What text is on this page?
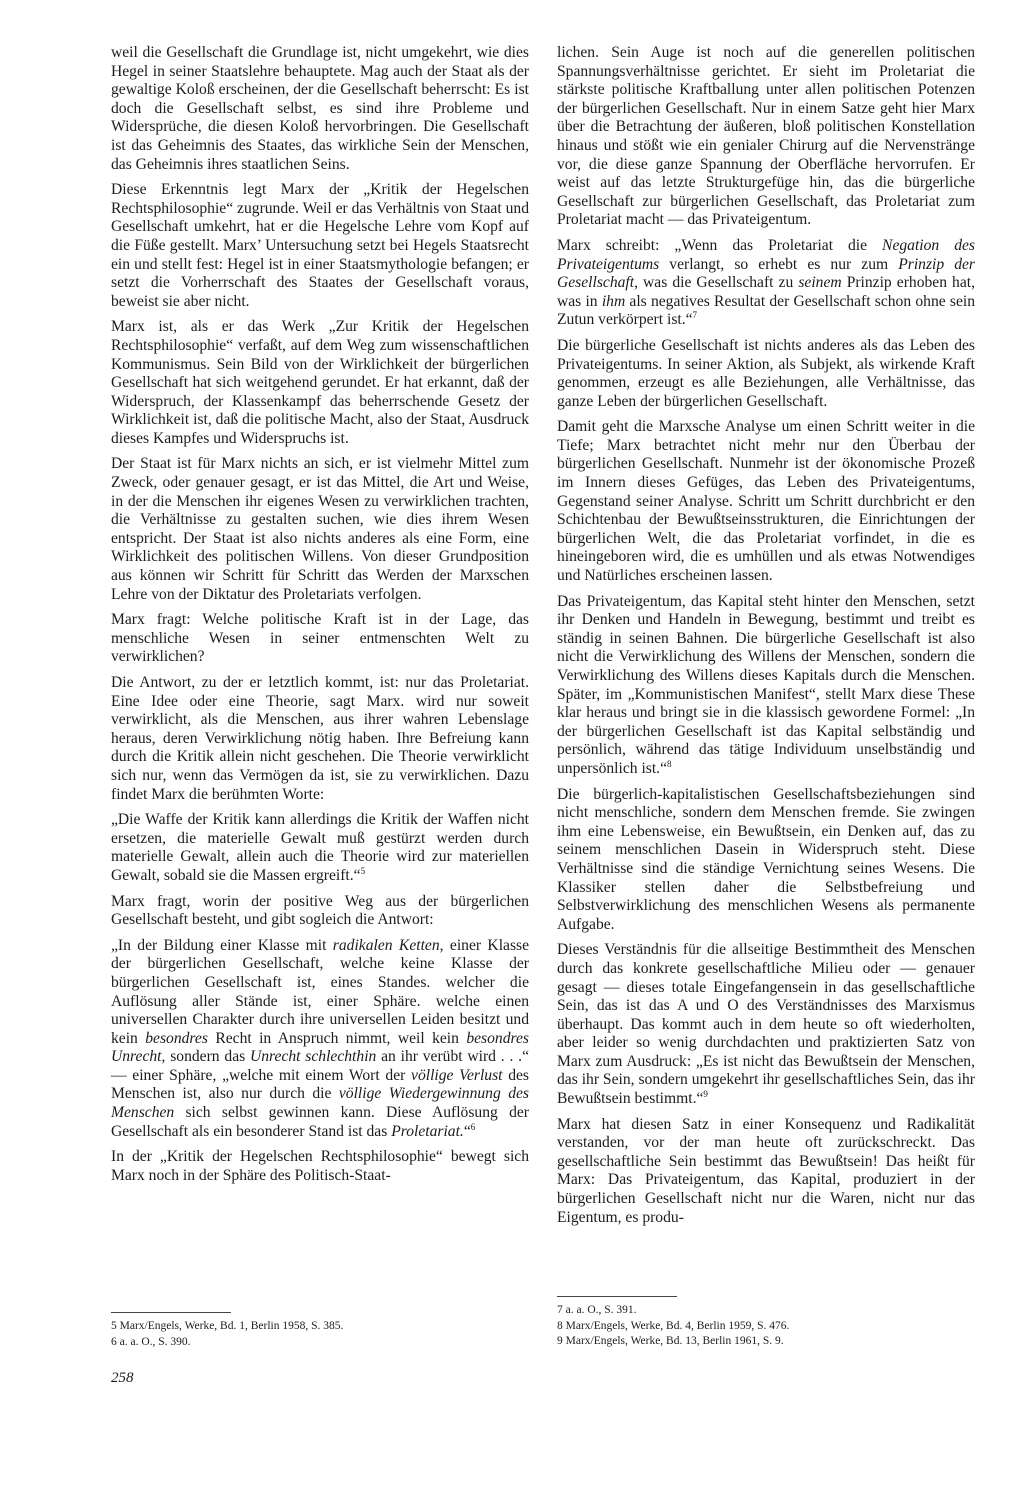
weil die Gesellschaft die Grundlage ist, nicht umgekehrt, wie dies Hegel in seiner Staatslehre behauptete. Mag auch der Staat als der gewaltige Koloß erscheinen, der die Gesellschaft beherrscht: Es ist doch die Gesellschaft selbst, es sind ihre Probleme und Widersprüche, die diesen Koloß hervorbringen. Die Gesellschaft ist das Geheimnis des Staates, das wirkliche Sein der Menschen, das Geheimnis ihres staatlichen Seins.

Diese Erkenntnis legt Marx der „Kritik der Hegelschen Rechtsphilosophie“ zugrunde. Weil er das Verhältnis von Staat und Gesellschaft umkehrt, hat er die Hegelsche Lehre vom Kopf auf die Füße gestellt. Marx’ Untersuchung setzt bei Hegels Staatsrecht ein und stellt fest: Hegel ist in einer Staatsmythologie befangen; er setzt die Vorherrschaft des Staates der Gesellschaft voraus, beweist sie aber nicht.

Marx ist, als er das Werk „Zur Kritik der Hegelschen Rechtsphilosophie“ verfaßt, auf dem Weg zum wissenschaftlichen Kommunismus. Sein Bild von der Wirklichkeit der bürgerlichen Gesellschaft hat sich weitgehend gerundet. Er hat erkannt, daß der Widerspruch, der Klassenkampf das beherrschende Gesetz der Wirklichkeit ist, daß die politische Macht, also der Staat, Ausdruck dieses Kampfes und Widerspruchs ist.

Der Staat ist für Marx nichts an sich, er ist vielmehr Mittel zum Zweck, oder genauer gesagt, er ist das Mittel, die Art und Weise, in der die Menschen ihr eigenes Wesen zu verwirklichen trachten, die Verhältnisse zu gestalten suchen, wie dies ihrem Wesen entspricht. Der Staat ist also nichts anderes als eine Form, eine Wirklichkeit des politischen Willens. Von dieser Grundposition aus können wir Schritt für Schritt das Werden der Marxschen Lehre von der Diktatur des Proletariats verfolgen.

Marx fragt: Welche politische Kraft ist in der Lage, das menschliche Wesen in seiner entmenschten Welt zu verwirklichen?

Die Antwort, zu der er letztlich kommt, ist: nur das Proletariat. Eine Idee oder eine Theorie, sagt Marx. wird nur soweit verwirklicht, als die Menschen, aus ihrer wahren Lebenslage heraus, deren Verwirklichung nötig haben. Ihre Befreiung kann durch die Kritik allein nicht geschehen. Die Theorie verwirklicht sich nur, wenn das Vermögen da ist, sie zu verwirklichen. Dazu findet Marx die berühmten Worte:

„Die Waffe der Kritik kann allerdings die Kritik der Waffen nicht ersetzen, die materielle Gewalt muß gestürzt werden durch materielle Gewalt, allein auch die Theorie wird zur materiellen Gewalt, sobald sie die Massen ergreift.“$^5$

Marx fragt, worin der positive Weg aus der bürgerlichen Gesellschaft besteht, und gibt sogleich die Antwort:

„In der Bildung einer Klasse mit radikalen Ketten, einer Klasse der bürgerlichen Gesellschaft, welche keine Klasse der bürgerlichen Gesellschaft ist, eines Standes. welcher die Auflösung aller Stände ist, einer Sphäre. welche einen universellen Charakter durch ihre universellen Leiden besitzt und kein besondres Recht in Anspruch nimmt, weil kein besondres Unrecht, sondern das Unrecht schlechthin an ihr verübt wird . . .“ — einer Sphäre, „welche mit einem Wort der völlige Verlust des Menschen ist, also nur durch die völlige Wiedergewinnung des Menschen sich selbst gewinnen kann. Diese Auflösung der Gesellschaft als ein besonderer Stand ist das Proletariat.“$^6$

In der „Kritik der Hegelschen Rechtsphilosophie“ bewegt sich Marx noch in der Sphäre des Politisch-Staat-

lichen. Sein Auge ist noch auf die generellen politischen Spannungsverhältnisse gerichtet. Er sieht im Proletariat die stärkste politische Kraftballung unter allen politischen Potenzen der bürgerlichen Gesellschaft. Nur in einem Satze geht hier Marx über die Betrachtung der äußeren, bloß politischen Konstellation hinaus und stößt wie ein genialer Chirurg auf die Nervenstränge vor, die diese ganze Spannung der Oberfläche hervorrufen. Er weist auf das letzte Strukturgefüge hin, das die bürgerliche Gesellschaft zur bürgerlichen Gesellschaft, das Proletariat zum Proletariat macht — das Privateigentum.

Marx schreibt: „Wenn das Proletariat die Negation des Privateigentums verlangt, so erhebt es nur zum Prinzip der Gesellschaft, was die Gesellschaft zu seinem Prinzip erhoben hat, was in ihm als negatives Resultat der Gesellschaft schon ohne sein Zutun verkörpert ist.“$^7$

Die bürgerliche Gesellschaft ist nichts anderes als das Leben des Privateigentums. In seiner Aktion, als Subjekt, als wirkende Kraft genommen, erzeugt es alle Beziehungen, alle Verhältnisse, das ganze Leben der bürgerlichen Gesellschaft.

Damit geht die Marxsche Analyse um einen Schritt weiter in die Tiefe; Marx betrachtet nicht mehr nur den Überbau der bürgerlichen Gesellschaft. Nunmehr ist der ökonomische Prozeß im Innern dieses Gefüges, das Leben des Privateigentums, Gegenstand seiner Analyse. Schritt um Schritt durchbricht er den Schichtenbau der Bewußtseinsstrukturen, die Einrichtungen der bürgerlichen Welt, die das Proletariat vorfindet, in die es hineingeboren wird, die es umhüllen und als etwas Notwendiges und Natürliches erscheinen lassen.

Das Privateigentum, das Kapital steht hinter den Menschen, setzt ihr Denken und Handeln in Bewegung, bestimmt und treibt es ständig in seinen Bahnen. Die bürgerliche Gesellschaft ist also nicht die Verwirklichung des Willens der Menschen, sondern die Verwirklichung des Willens dieses Kapitals durch die Menschen. Später, im „Kommunistischen Manifest“, stellt Marx diese These klar heraus und bringt sie in die klassisch gewordene Formel: „In der bürgerlichen Gesellschaft ist das Kapital selbständig und persönlich, während das tätige Individuum unselbständig und unpersönlich ist.“$^8$

Die bürgerlich-kapitalistischen Gesellschaftsbeziehungen sind nicht menschliche, sondern dem Menschen fremde. Sie zwingen ihm eine Lebensweise, ein Bewußtsein, ein Denken auf, das zu seinem menschlichen Dasein in Widerspruch steht. Diese Verhältnisse sind die ständige Vernichtung seines Wesens. Die Klassiker stellen daher die Selbstbefreiung und Selbstverwirklichung des menschlichen Wesens als permanente Aufgabe.

Dieses Verständnis für die allseitige Bestimmtheit des Menschen durch das konkrete gesellschaftliche Milieu oder — genauer gesagt — dieses totale Eingefangensein in das gesellschaftliche Sein, das ist das A und O des Verständnisses des Marxismus überhaupt. Das kommt auch in dem heute so oft wiederholten, aber leider so wenig durchdachten und praktizierten Satz von Marx zum Ausdruck: „Es ist nicht das Bewußtsein der Menschen, das ihr Sein, sondern umgekehrt ihr gesellschaftliches Sein, das ihr Bewußtsein bestimmt.“$^9$

Marx hat diesen Satz in einer Konsequenz und Radikalität verstanden, vor der man heute oft zurückschreckt. Das gesellschaftliche Sein bestimmt das Bewußtsein! Das heißt für Marx: Das Privateigentum, das Kapital, produziert in der bürgerlichen Gesellschaft nicht nur die Waren, nicht nur das Eigentum, es produ-

5 Marx/Engels, Werke, Bd. 1, Berlin 1958, S. 385.
6 a. a. O., S. 390.
7 a. a. O., S. 391.
8 Marx/Engels, Werke, Bd. 4, Berlin 1959, S. 476.
9 Marx/Engels, Werke, Bd. 13, Berlin 1961, S. 9.
258
